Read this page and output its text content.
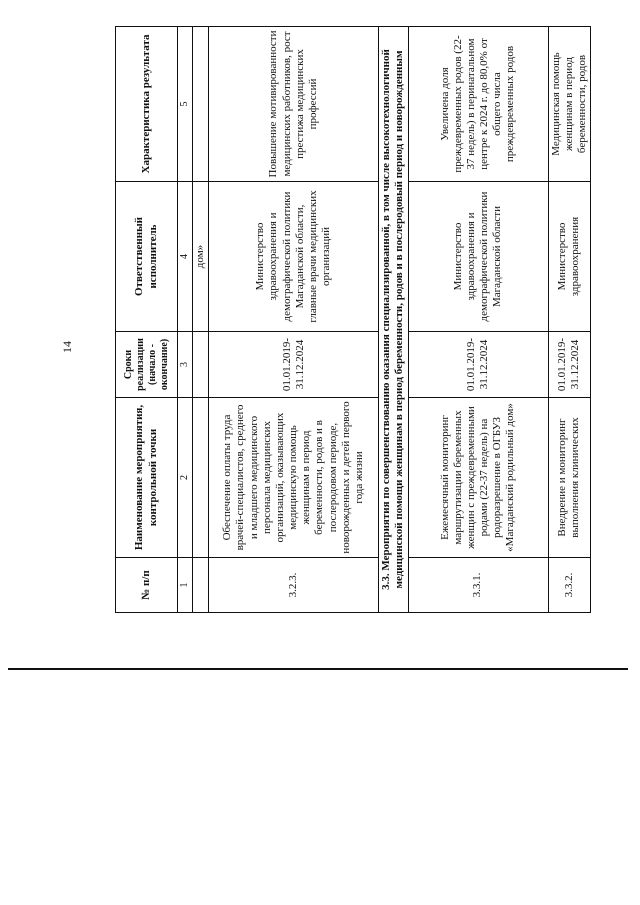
14
№ п/п	Наименование мероприятия, контрольной точки	Сроки реализации (начало - окончание)	Ответственный исполнитель	Характеристика результата
1	2	3	4	5
			дом»	
3.2.3.	Обеспечение оплаты труда врачей-специалистов, среднего и младшего медицинского персонала медицинских организаций, оказывающих медицинскую помощь женщинам в период беременности, родов и в послеродовом периоде, новорожденных и детей первого года жизни	01.01.2019-31.12.2024	Министерство здравоохранения и демографической политики Магаданской области, главные врачи медицинских организаций	Повышение мотивированности медицинских работников, рост престижа медицинских профессий
3.3. Мероприятия по совершенствованию оказания специализированной, в том числе высокотехнологичной медицинской помощи женщинам в период беременности, родов и в послеродовый период и новорожденным				
3.3.1.	Ежемесячный мониторинг маршрутизации беременных женщин с преждевременными родами (22-37 недель) на родоразрешение в ОГБУЗ «Магаданский родильный дом»	01.01.2019-31.12.2024	Министерство здравоохранения и демографической политики Магаданской области	Увеличена доля преждевременных родов (22-37 недель) в перинатальном центре к 2024 г. до 80,0% от общего числа преждевременных родов
3.3.2.	Внедрение и мониторинг выполнения клинических	01.01.2019-31.12.2024	Министерство здравоохранения	Медицинская помощь женщинам в период беременности, родов
